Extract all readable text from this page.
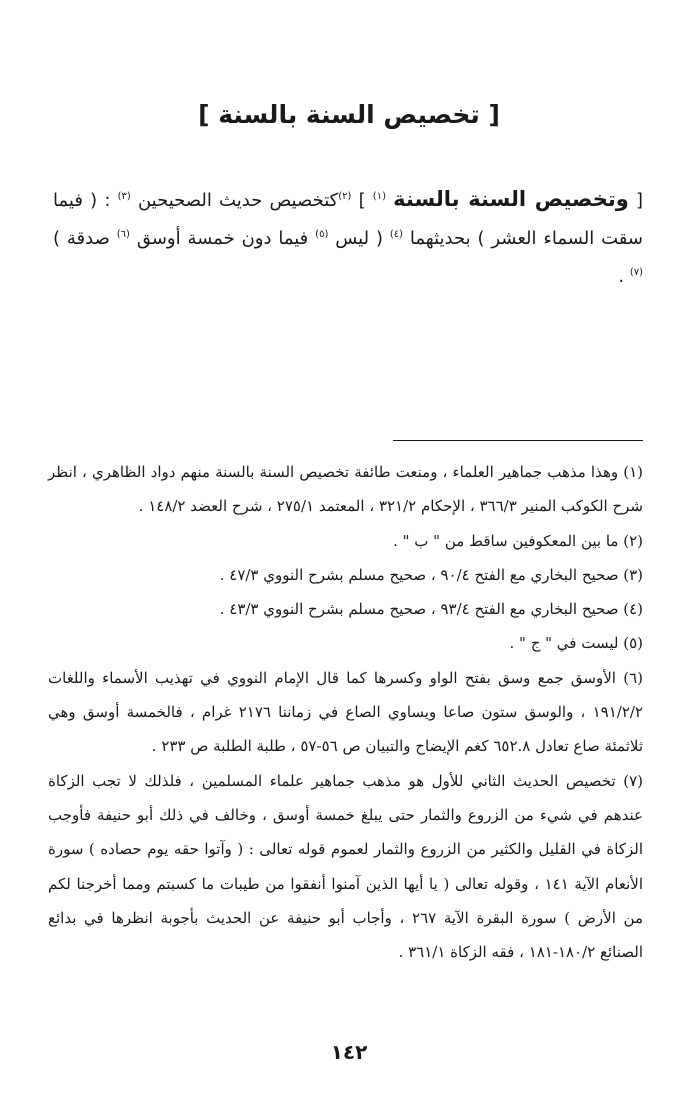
[ تخصيص السنة بالسنة ]
[ وتخصيص السنة بالسنة $^{(١)}$ ] $^{(٢)}$كتخصيص حديث الصحيحين $^{(٣)}$ : ( فيما سقت السماء العشر ) بحديثهما $^{(٤)}$ ( ليس $^{(٥)}$ فيما دون خمسة أوسق $^{(٦)}$ صدقة ) $^{(٧)}$ .

(١) وهذا مذهب جماهير العلماء ، ومنعت طائفة تخصيص السنة بالسنة منهم دواد الظاهري ، انظر شرح الكوكب المنير ٣٦٦/٣ ، الإحكام ٣٢١/٢ ، المعتمد ٢٧٥/١ ، شرح العضد ١٤٨/٢ .

(٢) ما بين المعكوفين ساقط من " ب " .

(٣) صحيح البخاري مع الفتح ٩٠/٤ ، صحيح مسلم بشرح النووي ٤٧/٣ .

(٤) صحيح البخاري مع الفتح ٩٣/٤ ، صحيح مسلم بشرح النووي ٤٣/٣ .

(٥) ليست في " ج " .

(٦) الأوسق جمع وسق بفتح الواو وكسرها كما قال الإمام النووي في تهذيب الأسماء واللغات ١٩١/٢/٢ ، والوسق ستون صاعا ويساوي الصاع في زماننا ٢١٧٦ غرام ، فالخمسة أوسق وهي ثلاثمئة صاع تعادل ٦٥٢.٨ كغم الإيضاح والتبيان ص ٥٦-٥٧ ، طلبة الطلبة ص ٢٣٣ .

(٧) تخصيص الحديث الثاني للأول هو مذهب جماهير علماء المسلمين ، فلذلك لا تجب الزكاة عندهم في شيء من الزروع والثمار حتى يبلغ خمسة أوسق ، وخالف في ذلك أبو حنيفة فأوجب الزكاة في القليل والكثير من الزروع والثمار لعموم قوله تعالى : ( وآتوا حقه يوم حصاده ) سورة الأنعام الآية ١٤١ ، وقوله تعالى ( يا أيها الذين آمنوا أنفقوا من طيبات ما كسبتم ومما أخرجنا لكم من الأرض ) سورة البقرة الآية ٢٦٧ ، وأجاب أبو حنيفة عن الحديث بأجوبة انظرها في بدائع الصنائع ١٨٠/٢-١٨١ ، فقه الزكاة ٣٦١/١ .

١٤٢
